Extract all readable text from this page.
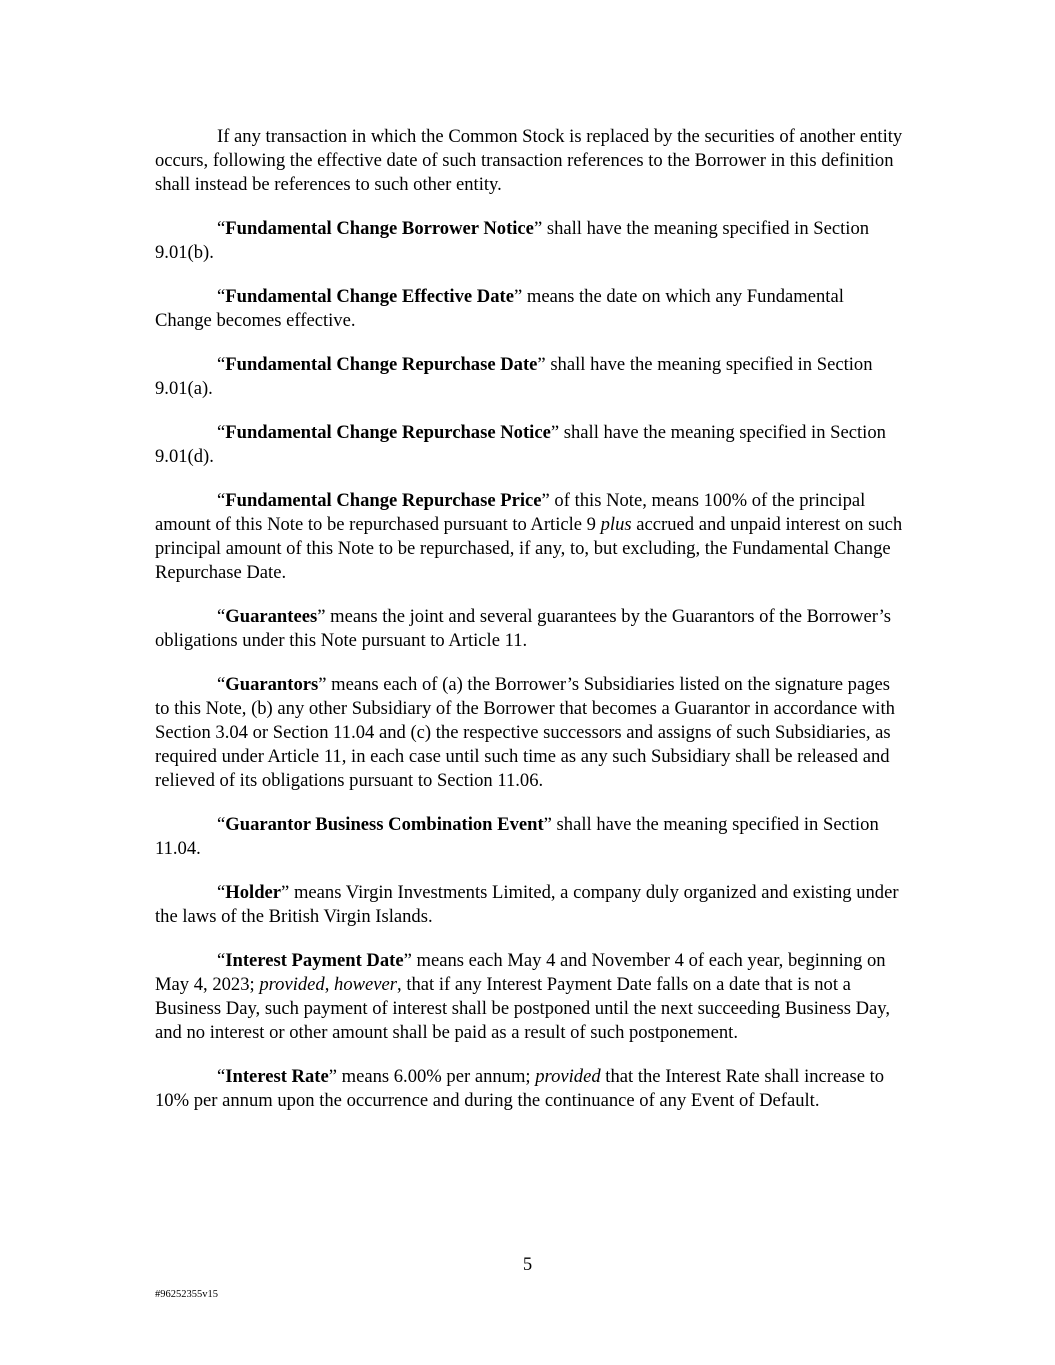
If any transaction in which the Common Stock is replaced by the securities of another entity occurs, following the effective date of such transaction references to the Borrower in this definition shall instead be references to such other entity.

“Fundamental Change Borrower Notice” shall have the meaning specified in Section 9.01(b).

“Fundamental Change Effective Date” means the date on which any Fundamental Change becomes effective.

“Fundamental Change Repurchase Date” shall have the meaning specified in Section 9.01(a).

“Fundamental Change Repurchase Notice” shall have the meaning specified in Section 9.01(d).

“Fundamental Change Repurchase Price” of this Note, means 100% of the principal amount of this Note to be repurchased pursuant to Article 9 plus accrued and unpaid interest on such principal amount of this Note to be repurchased, if any, to, but excluding, the Fundamental Change Repurchase Date.

“Guarantees” means the joint and several guarantees by the Guarantors of the Borrower’s obligations under this Note pursuant to Article 11.

“Guarantors” means each of (a) the Borrower’s Subsidiaries listed on the signature pages to this Note, (b) any other Subsidiary of the Borrower that becomes a Guarantor in accordance with Section 3.04 or Section 11.04 and (c) the respective successors and assigns of such Subsidiaries, as required under Article 11, in each case until such time as any such Subsidiary shall be released and relieved of its obligations pursuant to Section 11.06.

“Guarantor Business Combination Event” shall have the meaning specified in Section 11.04.

“Holder” means Virgin Investments Limited, a company duly organized and existing under the laws of the British Virgin Islands.

“Interest Payment Date” means each May 4 and November 4 of each year, beginning on May 4, 2023; provided, however, that if any Interest Payment Date falls on a date that is not a Business Day, such payment of interest shall be postponed until the next succeeding Business Day, and no interest or other amount shall be paid as a result of such postponement.

“Interest Rate” means 6.00% per annum; provided that the Interest Rate shall increase to 10% per annum upon the occurrence and during the continuance of any Event of Default.

5
#96252355v15
